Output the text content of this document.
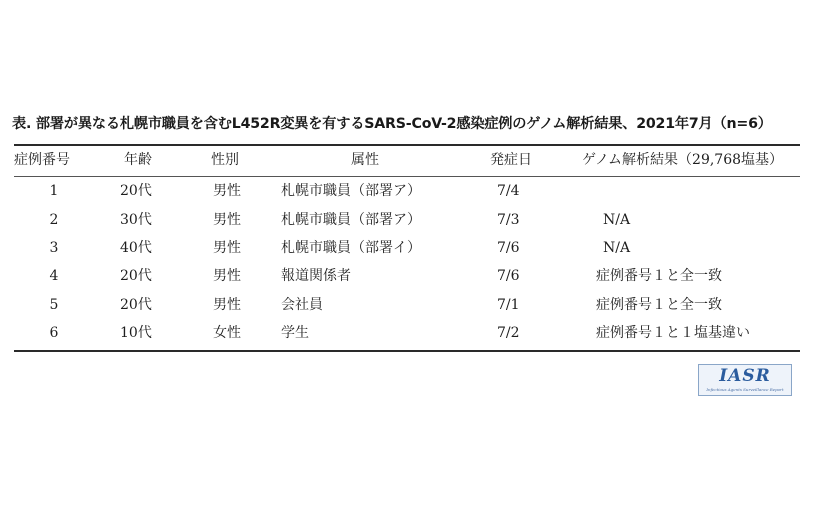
表. 部署が異なる札幌市職員を含むL452R変異を有するSARS-CoV-2感染症例のゲノム解析結果、2021年7月（n=6）
症例番号	年齢	性別	属性	発症日	ゲノム解析結果（29,768塩基）
1	20代	男性	札幌市職員（部署ア）	7/4
2	30代	男性	札幌市職員（部署ア）	7/3	N/A
3	40代	男性	札幌市職員（部署イ）	7/6	N/A
4	20代	男性	報道関係者	7/6	症例番号１と全一致
5	20代	男性	会社員	7/1	症例番号１と全一致
6	10代	女性	学生	7/2	症例番号１と１塩基違い
IASR
Infectious Agents Surveillance Report
